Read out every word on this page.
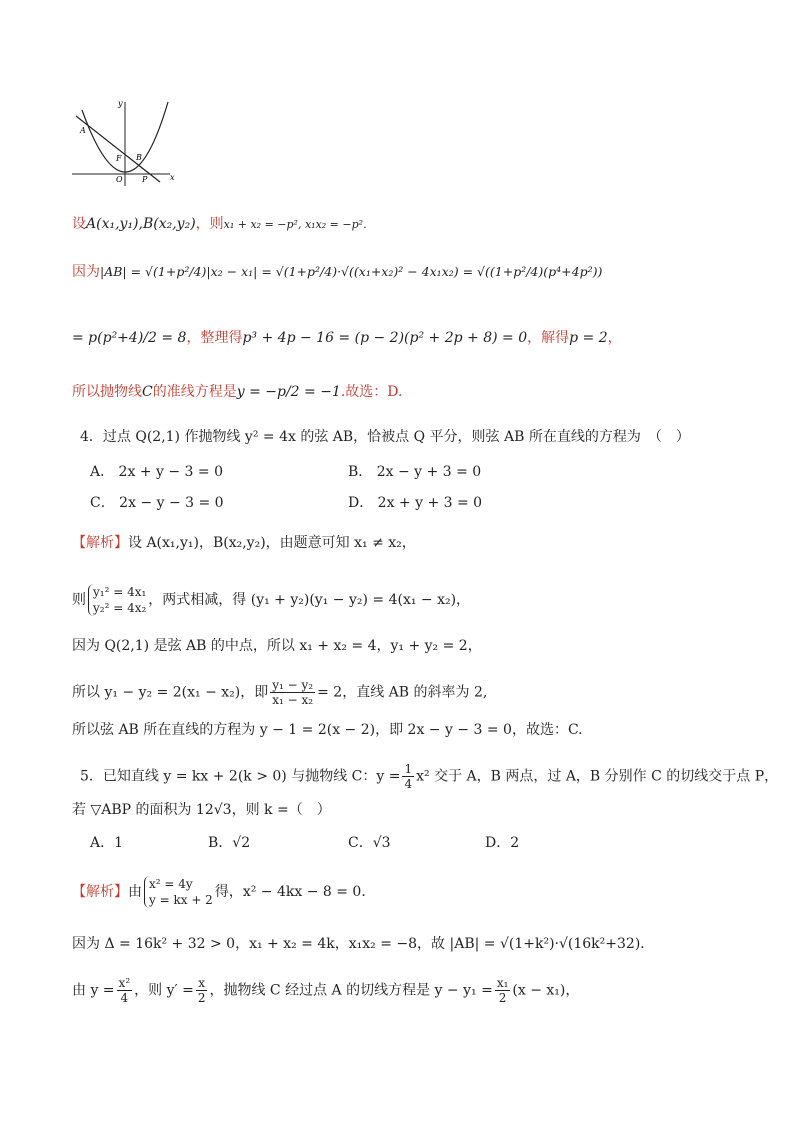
y
x
A
B
F
O P
设A(x₁,y₁),B(x₂,y₂)，则x₁ + x₂ = −p², x₁x₂ = −p².
因为|AB| = √(1+p²/4)|x₂ − x₁| = √(1+p²/4)·√((x₁+x₂)² − 4x₁x₂) = √((1+p²/4)(p⁴+4p²))
= p(p²+4)/2 = 8，整理得p³ + 4p − 16 = (p − 2)(p² + 2p + 8) = 0，解得p = 2，
所以抛物线C的准线方程是y = −p/2 = −1.故选：D.
4．过点 Q(2,1) 作抛物线 y² = 4x 的弦 AB，恰被点 Q 平分，则弦 AB 所在直线的方程为　（　）
A． 2x + y − 3 = 0	B． 2x − y + 3 = 0
C． 2x − y − 3 = 0	D． 2x + y + 3 = 0
【解析】设 A(x₁,y₁)，B(x₂,y₂)，由题意可知 x₁ ≠ x₂，
则 y₁² = 4x₁
y₂² = 4x₂ ，两式相减，得 (y₁ + y₂)(y₁ − y₂) = 4(x₁ − x₂)，
因为 Q(2,1) 是弦 AB 的中点，所以 x₁ + x₂ = 4，y₁ + y₂ = 2，
所以 y₁ − y₂ = 2(x₁ − x₂)，即 $\frac{\text{y₁ − y₂}}{\text{x₁ − x₂}} = 2$，直线 AB 的斜率为 2,
所以弦 AB 所在直线的方程为 y − 1 = 2(x − 2)，即 2x − y − 3 = 0，故选：C.
5．已知直线 y = kx + 2(k > 0) 与抛物线 C：$y = \frac{1}{4} x^2$ 交于 A，B 两点，过 A，B 分别作 C 的切线交于点 P，
若 ▽ABP 的面积为 12√3，则 k =（　）
A．1	B．√2	C．√3	D．2
【解析】由 x² = 4y
y = kx + 2 得，x² − 4kx − 8 = 0．
因为 Δ = 16k² + 32 > 0，x₁ + x₂ = 4k，x₁x₂ = −8，故 |AB| = √(1+k²)·√(16k²+32)．
由 $y = \frac{\text{x²}}{4}$ ，则 $y' = \frac{x}{2}$ ，抛物线 C 经过点 A 的切线方程是 $y - y_1 = \frac{\text{x₁}}{2} (x - x_1)$，
